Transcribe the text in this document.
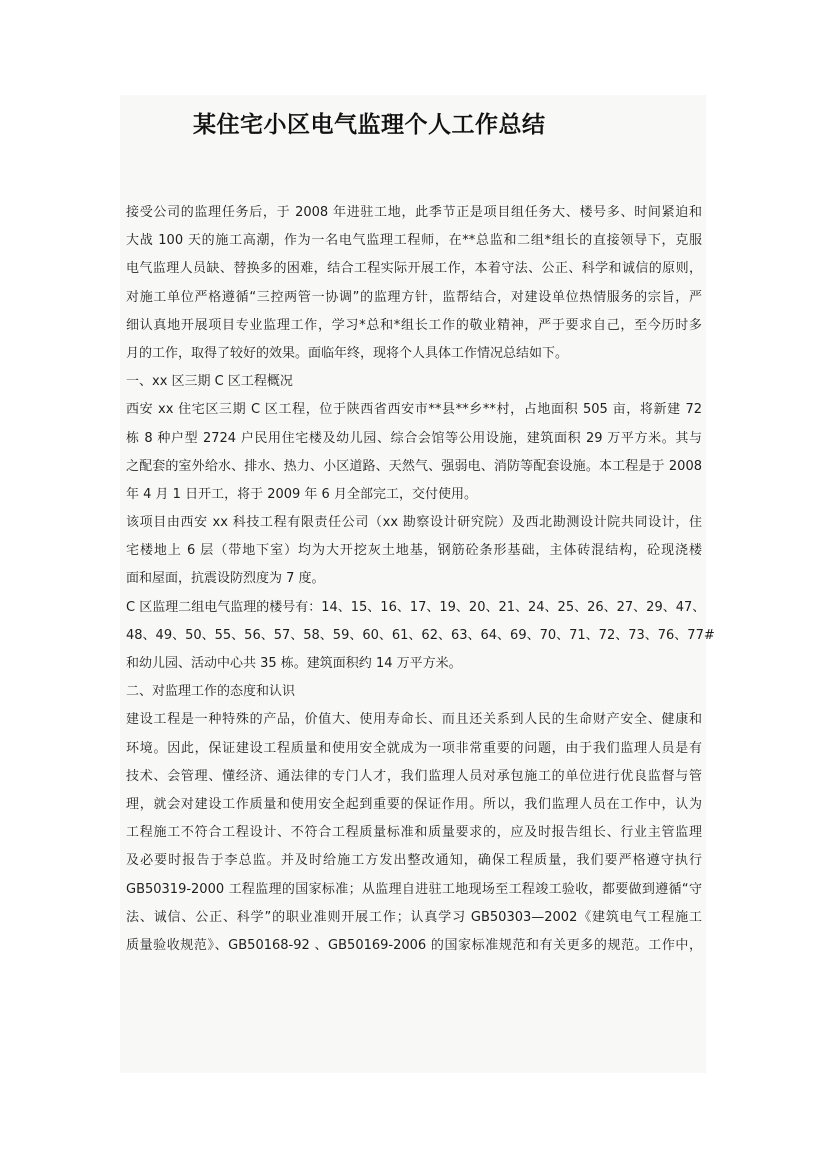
某住宅小区电气监理个人工作总结
接受公司的监理任务后，于 2008 年进驻工地，此季节正是项目组任务大、楼号多、时间紧迫和
大战 100 天的施工高潮，作为一名电气监理工程师，在**总监和二组*组长的直接领导下，克服
电气监理人员缺、替换多的困难，结合工程实际开展工作，本着守法、公正、科学和诚信的原则，
对施工单位严格遵循“三控两管一协调”的监理方针，监帮结合，对建设单位热情服务的宗旨，严
细认真地开展项目专业监理工作，学习*总和*组长工作的敬业精神，严于要求自己，至今历时多
月的工作，取得了较好的效果。面临年终，现将个人具体工作情况总结如下。
一、xx 区三期 C 区工程概况
西安 xx 住宅区三期 C 区工程，位于陕西省西安市**县**乡**村，占地面积 505 亩，将新建 72
栋 8 种户型 2724 户民用住宅楼及幼儿园、综合会馆等公用设施，建筑面积 29 万平方米。其与
之配套的室外给水、排水、热力、小区道路、天然气、强弱电、消防等配套设施。本工程是于 2008
年 4 月 1 日开工，将于 2009 年 6 月全部完工，交付使用。
该项目由西安 xx 科技工程有限责任公司（xx 勘察设计研究院）及西北勘测设计院共同设计，住
宅楼地上 6 层（带地下室）均为大开挖灰土地基，钢筋砼条形基础，主体砖混结构，砼现浇楼
面和屋面，抗震设防烈度为 7 度。
C 区监理二组电气监理的楼号有：14、15、16、17、19、20、21、24、25、26、27、29、47、
48、49、50、55、56、57、58、59、60、61、62、63、64、69、70、71、72、73、76、77#
和幼儿园、活动中心共 35 栋。建筑面积约 14 万平方米。
二、对监理工作的态度和认识
建设工程是一种特殊的产品，价值大、使用寿命长、而且还关系到人民的生命财产安全、健康和
环境。因此，保证建设工程质量和使用安全就成为一项非常重要的问题，由于我们监理人员是有
技术、会管理、懂经济、通法律的专门人才，我们监理人员对承包施工的单位进行优良监督与管
理，就会对建设工作质量和使用安全起到重要的保证作用。所以，我们监理人员在工作中，认为
工程施工不符合工程设计、不符合工程质量标准和质量要求的，应及时报告组长、行业主管监理
及必要时报告于李总监。并及时给施工方发出整改通知，确保工程质量，我们要严格遵守执行
GB50319-2000 工程监理的国家标准；从监理自进驻工地现场至工程竣工验收，都要做到遵循“守
法、诚信、公正、科学”的职业准则开展工作；认真学习 GB50303—2002《建筑电气工程施工
质量验收规范》、GB50168-92 、GB50169-2006 的国家标准规范和有关更多的规范。工作中，
